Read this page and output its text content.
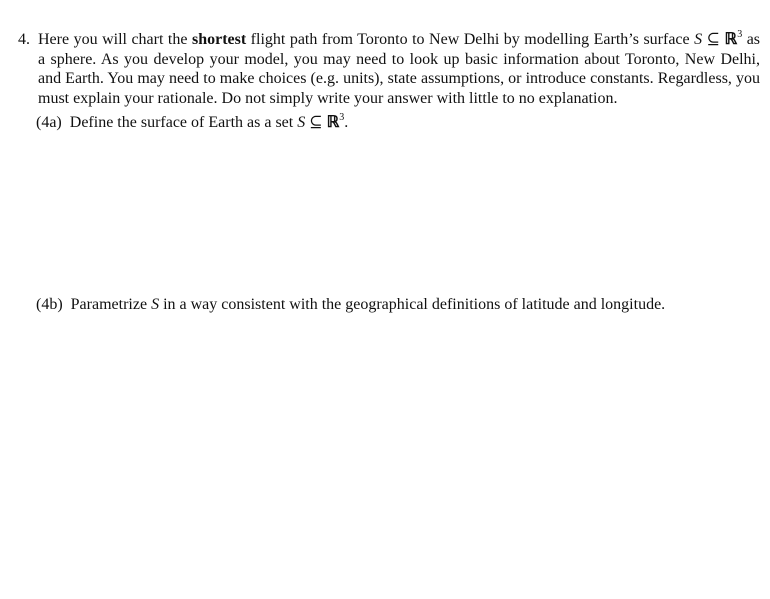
4. Here you will chart the shortest flight path from Toronto to New Delhi by modelling Earth’s surface S ⊆ ℝ$^3$ as a sphere. As you develop your model, you may need to look up basic information about Toronto, New Delhi, and Earth. You may need to make choices (e.g. units), state assumptions, or introduce constants. Regardless, you must explain your rationale. Do not simply write your answer with little to no explanation.
(4a) Define the surface of Earth as a set S ⊆ ℝ$^3$.
(4b) Parametrize S in a way consistent with the geographical definitions of latitude and longitude.
